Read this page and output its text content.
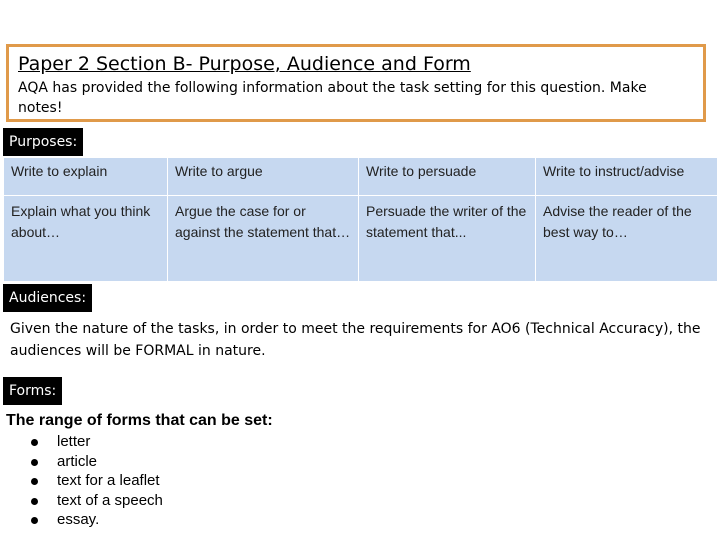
Paper 2 Section B- Purpose, Audience and Form
AQA has provided the following information about the task setting for this question. Make notes!
Purposes:
Write to explain	Write to argue	Write to persuade	Write to instruct/advise
Explain what you think about…	Argue the case for or against the statement that…	Persuade the writer of the statement that...	Advise the reader of the best way to…
Audiences:
Given the nature of the tasks, in order to meet the requirements for AO6 (Technical Accuracy), the audiences will be FORMAL in nature.
Forms:
The range of forms that can be set:
letter
article
text for a leaflet
text of a speech
essay.
